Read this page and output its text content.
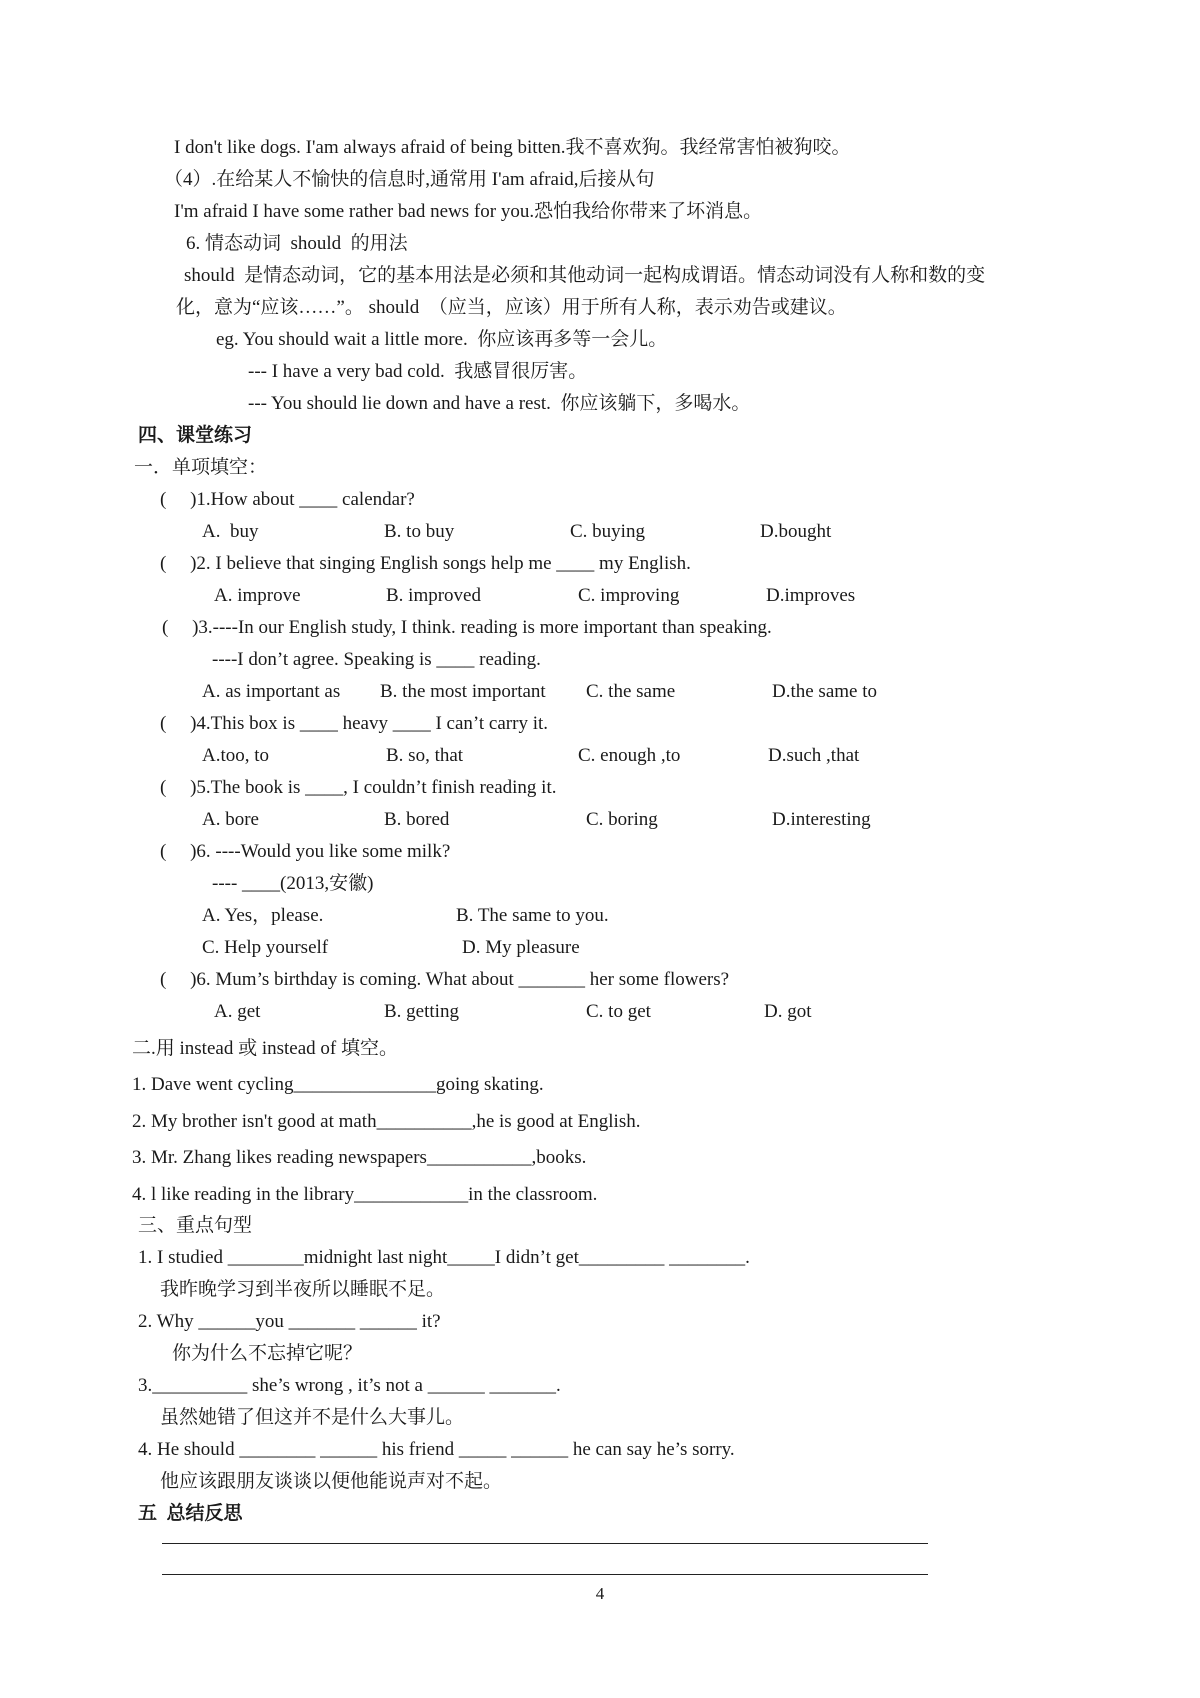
I don't like dogs. I'am always afraid of being bitten.我不喜欢狗。我经常害怕被狗咬。
（4）.在给某人不愉快的信息时,通常用 I'am afraid,后接从句
I'm afraid I have some rather bad news for you.恐怕我给你带来了坏消息。
6. 情态动词  should  的用法
should  是情态动词，它的基本用法是必须和其他动词一起构成谓语。情态动词没有人称和数的变
化，意为“应该……”。 should  （应当，应该）用于所有人称，表示劝告或建议。
eg. You should wait a little more.  你应该再多等一会儿。
--- I have a very bad cold.  我感冒很厉害。
--- You should lie down and have a rest.  你应该躺下，多喝水。
四、课堂练习
一．单项填空：
(     )1.How about ____ calendar?
A.  buy	B. to buy	C. buying	D.bought
(     )2. I believe that singing English songs help me ____ my English.
A. improve	B. improved	C. improving	D.improves
(     )3.----In our English study, I think. reading is more important than speaking.
----I don’t agree. Speaking is ____ reading.
A. as important as B. the most important C. the same	D.the same to
(     )4.This box is ____ heavy ____ I can’t carry it.
A.too, to	B. so, that	C. enough ,to	D.such ,that
(     )5.The book is ____, I couldn’t finish reading it.
A. bore	B. bored	C. boring	D.interesting
(     )6. ----Would you like some milk?
---- ____(2013,安徽)
A. Yes，please.	B. The same to you.
C. Help yourself	D. My pleasure
(     )6. Mum’s birthday is coming. What about _______ her some flowers?
A. get	B. getting	C. to get	D. got
二.用 instead 或 instead of 填空。
1. Dave went cycling_______________going skating.
2. My brother isn't good at math__________,he is good at English.
3. Mr. Zhang likes reading newspapers___________,books.
4. l like reading in the library____________in the classroom.
三、重点句型
1. I studied ________midnight last night_____I didn’t get_________ ________.
我昨晚学习到半夜所以睡眠不足。
2. Why ______you _______ ______ it?
你为什么不忘掉它呢？
3.__________ she’s wrong , it’s not a ______ _______.
虽然她错了但这并不是什么大事儿。
4. He should ________ ______ his friend _____ ______ he can say he’s sorry.
他应该跟朋友谈谈以便他能说声对不起。
五  总结反思
4
